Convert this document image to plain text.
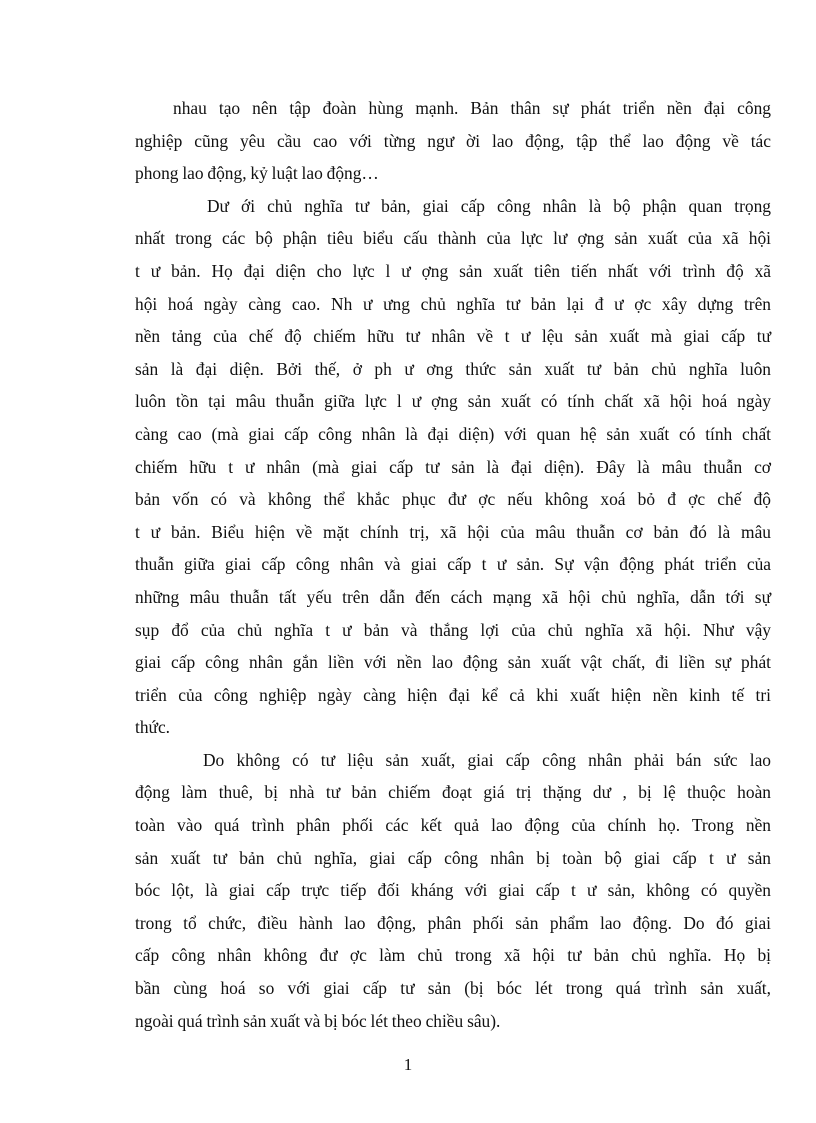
nhau tạo nên tập đoàn hùng mạnh. Bản thân sự phát triển nền đại công
nghiệp cũng yêu cầu cao với từng ngư ời lao động, tập thể lao động về tác
phong lao động, kỷ luật lao động…
Dư ới chủ nghĩa tư bản, giai cấp công nhân là bộ phận quan trọng
nhất trong các bộ phận tiêu biểu cấu thành của lực lư ợng sản xuất của xã hội
t ư bản. Họ đại diện cho lực l ư ợng sản xuất tiên tiến nhất với trình độ xã
hội hoá ngày càng cao. Nh ư ưng chủ nghĩa tư bản lại đ ư ợc xây dựng trên
nền tảng của chế độ chiếm hữu tư nhân về t ư lệu sản xuất mà giai cấp tư
sản là đại diện. Bởi thế, ở ph ư ơng thức sản xuất tư bản chủ nghĩa luôn
luôn tồn tại mâu thuẫn giữa lực l ư ợng sản xuất có tính chất xã hội hoá ngày
càng cao (mà giai cấp công nhân là đại diện) với quan hệ sản xuất có tính chất
chiếm hữu t ư nhân (mà giai cấp tư sản là đại diện). Đây là mâu thuẫn cơ
bản vốn có và không thể khắc phục đư ợc nếu không xoá bỏ đ ợc chế độ
t ư bản. Biểu hiện về mặt chính trị, xã hội của mâu thuẫn cơ bản đó là mâu
thuẫn giữa giai cấp công nhân và giai cấp t ư sản. Sự vận động phát triển của
những mâu thuẫn tất yếu trên dẫn đến cách mạng xã hội chủ nghĩa, dẫn tới sự
sụp đổ của chủ nghĩa t ư bản và thắng lợi của chủ nghĩa xã hội. Như vậy
giai cấp công nhân gắn liền với nền lao động sản xuất vật chất, đi liền sự phát
triển của công nghiệp ngày càng hiện đại kể cả khi xuất hiện nền kinh tế tri
thức.
Do không có tư liệu sản xuất, giai cấp công nhân phải bán sức lao
động làm thuê, bị nhà tư bản chiếm đoạt giá trị thặng dư , bị lệ thuộc hoàn
toàn vào quá trình phân phối các kết quả lao động của chính họ. Trong nền
sản xuất tư bản chủ nghĩa, giai cấp công nhân bị toàn bộ giai cấp t ư sản
bóc lột, là giai cấp trực tiếp đối kháng với giai cấp t ư sản, không có quyền
trong tổ chức, điều hành lao động, phân phối sản phẩm lao động. Do đó giai
cấp công nhân không đư ợc làm chủ trong xã hội tư bản chủ nghĩa. Họ bị
bần cùng hoá so với giai cấp tư sản (bị bóc lét trong quá trình sản xuất,
ngoài quá trình sản xuất và bị bóc lét theo chiều sâu).
1
